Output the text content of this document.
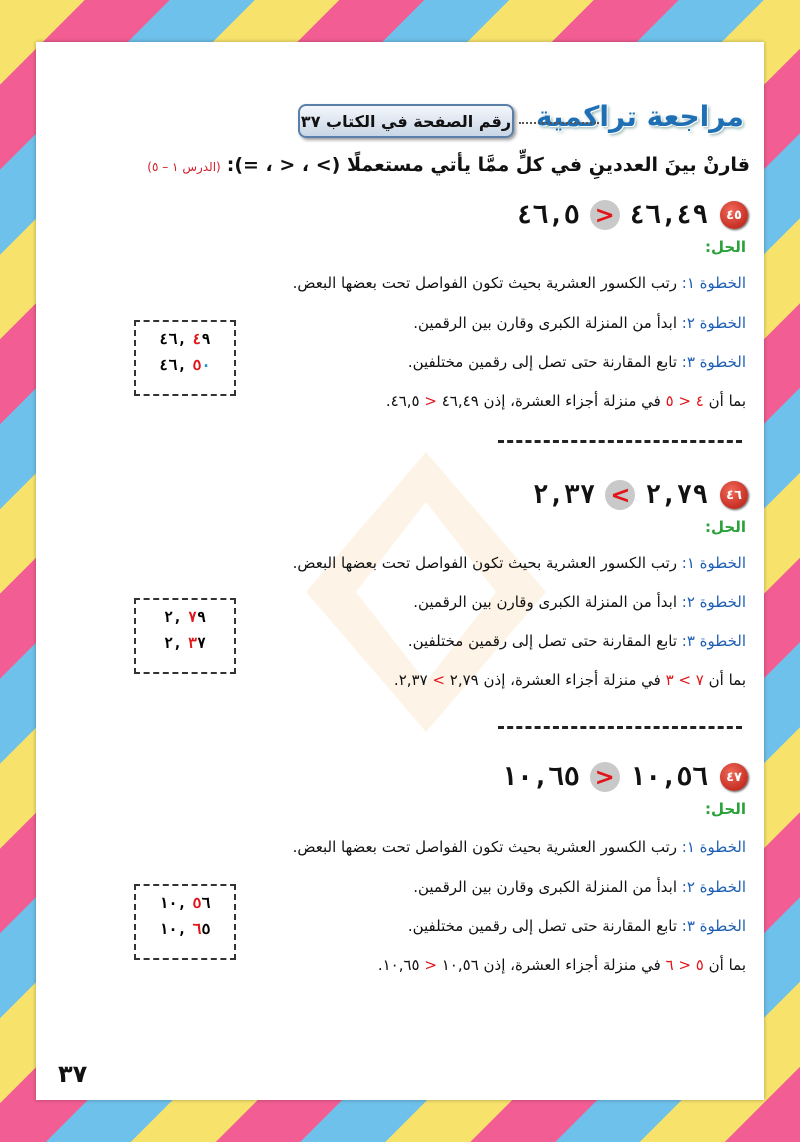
مراجعة تراكمية
رقم الصفحة في الكتاب ٣٧
قارنْ بينَ العددينِ في كلٍّ ممَّا يأتي مستعملًا (> ، < ، =):(الدرس ١ – ٥)
٤٥
٤٦,٤٩
<
٤٦,٥
الحل:
الخطوة ١: رتب الكسور العشرية بحيث تكون الفواصل تحت بعضها البعض.
الخطوة ٢: ابدأ من المنزلة الكبرى وقارن بين الرقمين.
الخطوة ٣: تابع المقارنة حتى تصل إلى رقمين مختلفين.
بما أن ٤ < ٥ في منزلة أجزاء العشرة، إذن ٤٦,٤٩ < ٤٦,٥.
٤٦ , ٤ ٩
٤٦ , ٥ ٠
٤٦
٢,٧٩
>
٢,٣٧
الحل:
الخطوة ١: رتب الكسور العشرية بحيث تكون الفواصل تحت بعضها البعض.
الخطوة ٢: ابدأ من المنزلة الكبرى وقارن بين الرقمين.
الخطوة ٣: تابع المقارنة حتى تصل إلى رقمين مختلفين.
بما أن ٧ > ٣ في منزلة أجزاء العشرة، إذن ٢,٧٩ > ٢,٣٧.
٢ , ٧ ٩
٢ , ٣ ٧
٤٧
١٠,٥٦
<
١٠,٦٥
الحل:
الخطوة ١: رتب الكسور العشرية بحيث تكون الفواصل تحت بعضها البعض.
الخطوة ٢: ابدأ من المنزلة الكبرى وقارن بين الرقمين.
الخطوة ٣: تابع المقارنة حتى تصل إلى رقمين مختلفين.
بما أن ٥ < ٦ في منزلة أجزاء العشرة، إذن ١٠,٥٦ < ١٠,٦٥.
١٠ , ٥ ٦
١٠ , ٦ ٥
٣٧
